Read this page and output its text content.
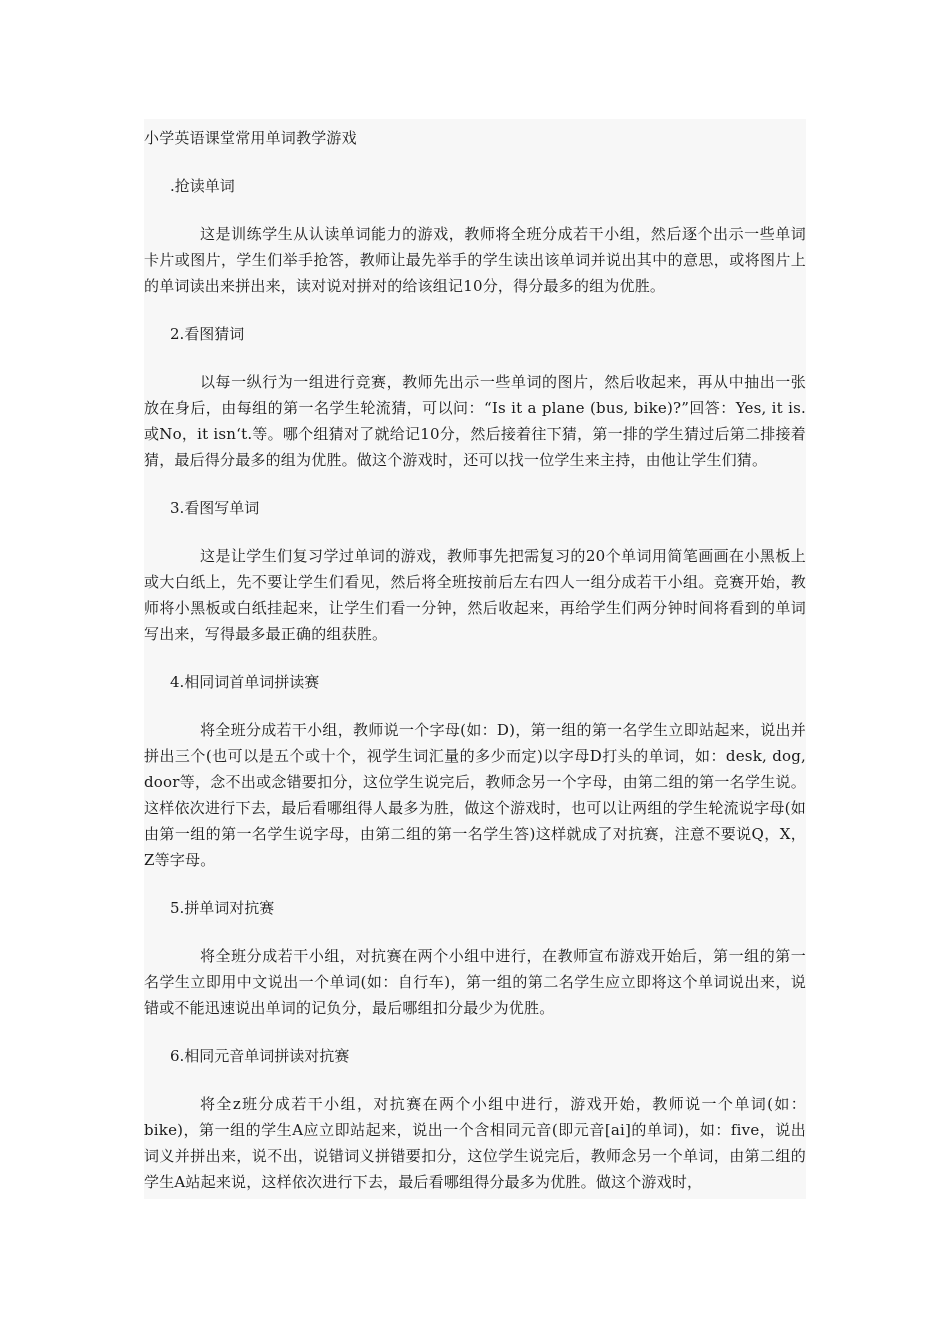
小学英语课堂常用单词教学游戏

.抢读单词

这是训练学生从认读单词能力的游戏，教师将全班分成若干小组，然后逐个出示一些单词卡片或图片，学生们举手抢答，教师让最先举手的学生读出该单词并说出其中的意思，或将图片上的单词读出来拼出来，读对说对拼对的给该组记10分，得分最多的组为优胜。

2.看图猜词

以每一纵行为一组进行竞赛，教师先出示一些单词的图片，然后收起来，再从中抽出一张放在身后，由每组的第一名学生轮流猜，可以问：“Is it a plane (bus, bike)?”回答：Yes, it is.或No，it isn‘t.等。哪个组猜对了就给记10分，然后接着往下猜，第一排的学生猜过后第二排接着猜，最后得分最多的组为优胜。做这个游戏时，还可以找一位学生来主持，由他让学生们猜。

3.看图写单词

这是让学生们复习学过单词的游戏，教师事先把需复习的20个单词用简笔画画在小黑板上或大白纸上，先不要让学生们看见，然后将全班按前后左右四人一组分成若干小组。竞赛开始，教师将小黑板或白纸挂起来，让学生们看一分钟，然后收起来，再给学生们两分钟时间将看到的单词写出来，写得最多最正确的组获胜。

4.相同词首单词拼读赛

将全班分成若干小组，教师说一个字母(如：D)，第一组的第一名学生立即站起来，说出并拼出三个(也可以是五个或十个，视学生词汇量的多少而定)以字母D打头的单词，如：desk, dog, door等，念不出或念错要扣分，这位学生说完后，教师念另一个字母，由第二组的第一名学生说。这样依次进行下去，最后看哪组得人最多为胜，做这个游戏时，也可以让两组的学生轮流说字母(如由第一组的第一名学生说字母，由第二组的第一名学生答)这样就成了对抗赛，注意不要说Q，X，Z等字母。

5.拼单词对抗赛

将全班分成若干小组，对抗赛在两个小组中进行，在教师宣布游戏开始后，第一组的第一名学生立即用中文说出一个单词(如：自行车)，第一组的第二名学生应立即将这个单词说出来，说错或不能迅速说出单词的记负分，最后哪组扣分最少为优胜。

6.相同元音单词拼读对抗赛

将全z班分成若干小组，对抗赛在两个小组中进行，游戏开始，教师说一个单词(如：bike)，第一组的学生A应立即站起来，说出一个含相同元音(即元音[ai]的单词)，如：five，说出词义并拼出来，说不出，说错词义拼错要扣分，这位学生说完后，教师念另一个单词，由第二组的学生A站起来说，这样依次进行下去，最后看哪组得分最多为优胜。做这个游戏时，
